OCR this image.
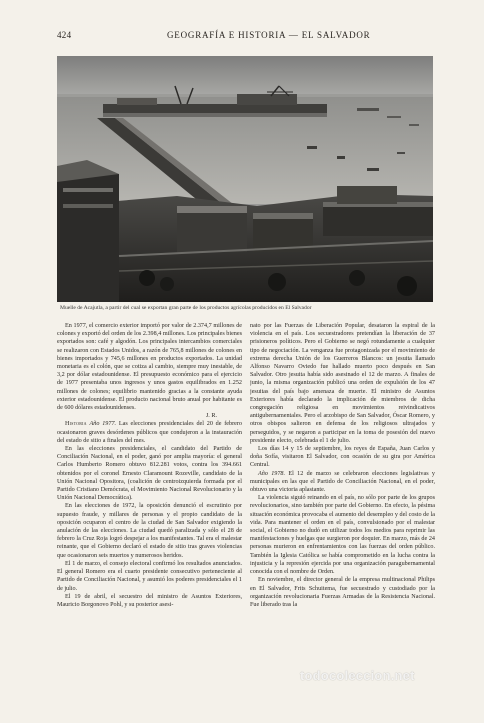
424	GEOGRAFÍA E HISTORIA — EL SALVADOR
Muelle de Acajutla, a partir del cual se exportan gran parte de los productos agrícolas producidos en El Salvador

En 1977, el comercio exterior importó por valor de 2.374,7 millones de colones y exportó del orden de los 2.398,4 millones. Los principales bienes exportados son: café y algodón. Los principales intercambios comerciales se realizaron con Estados Unidos, a razón de 765,8 millones de colones en bienes importados y 745,6 millones en productos exportados. La unidad monetaria es el colón, que se cotiza al cambio, siempre muy inestable, de 3,2 por dólar estadounidense. El presupuesto económico para el ejercicio de 1977 presentaba unos ingresos y unos gastos equilibrados en 1.252 millones de colones; equilibrio mantenido gracias a la constante ayuda exterior estadounidense. El producto nacional bruto anual por habitante es de 600 dólares estadounidenses.

J. R.

Historia Año 1977. Las elecciones presidenciales del 20 de febrero ocasionaron graves desórdenes públicos que condujeron a la instauración del estado de sitio a finales del mes.

En las elecciones presidenciales, el candidato del Partido de Conciliación Nacional, en el poder, ganó por amplia mayoría: el general Carlos Humberto Romero obtuvo 812.281 votos, contra los 394.661 obtenidos por el coronel Ernesto Claramount Rozeville, candidato de la Unión Nacional Opositora, (coalición de centroizquierda formada por el Partido Cristiano Demócrata, el Movimiento Nacional Revolucionario y la Unión Nacional Democrática).

En las elecciones de 1972, la oposición denunció el escrutinio por supuesto fraude, y millares de personas y el propio candidato de la oposición ocuparon el centro de la ciudad de San Salvador exigiendo la anulación de las elecciones. La ciudad quedó paralizada y sólo el 28 de febrero la Cruz Roja logró despejar a los manifestantes. Tal era el malestar reinante, que el Gobierno declaró el estado de sitio tras graves violencias que ocasionaron seis muertos y numerosos heridos.

El 1 de marzo, el consejo electoral confirmó los resultados anunciados. El general Romero era el cuarto presidente consecutivo perteneciente al Partido de Conciliación Nacional, y asumió los poderes presidenciales el 1 de julio.

El 19 de abril, el secuestro del ministro de Asuntos Exteriores, Mauricio Borgonovo Pohl, y su posterior asesi-

nato por las Fuerzas de Liberación Popular, desataron la espiral de la violencia en el país. Los secuestradores pretendían la liberación de 37 prisioneros políticos. Pero el Gobierno se negó rotundamente a cualquier tipo de negociación. La venganza fue protagonizada por el movimiento de extrema derecha Unión de los Guerreros Blancos: un jesuita llamado Alfonso Navarro Oviedo fue hallado muerto poco después en San Salvador. Otro jesuita había sido asesinado el 12 de marzo. A finales de junio, la misma organización publicó una orden de expulsión de los 47 jesuitas del país bajo amenaza de muerte. El ministro de Asuntos Exteriores había declarado la implicación de miembros de dicha congregación religiosa en movimientos reivindicativos antigubernamentales. Pero el arzobispo de San Salvador, Óscar Romero, y otros obispos salieron en defensa de los religiosos ultrajados y perseguidos, y se negaron a participar en la toma de posesión del nuevo presidente electo, celebrada el 1 de julio.

Los días 14 y 15 de septiembre, los reyes de España, Juan Carlos y doña Sofía, visitaron El Salvador, con ocasión de su gira por América Central.

Año 1978. El 12 de marzo se celebraron elecciones legislativas y municipales en las que el Partido de Conciliación Nacional, en el poder, obtuvo una victoria aplastante.

La violencia siguió reinando en el país, no sólo por parte de los grupos revolucionarios, sino también por parte del Gobierno. En efecto, la pésima situación económica provocaba el aumento del desempleo y del costo de la vida. Para mantener el orden en el país, convulsionado por el malestar social, el Gobierno no dudó en utilizar todos los medios para reprimir las manifestaciones y huelgas que surgieron por doquier. En marzo, más de 24 personas murieron en enfrentamientos con las fuerzas del orden público. También la Iglesia Católica se había comprometido en la lucha contra la injusticia y la represión ejercida por una organización paragubernamental conocida con el nombre de Orden.

En noviembre, el director general de la empresa multinacional Philips en El Salvador, Frits Schuitema, fue secuestrado y custodiado por la organización revolucionaria Fuerzas Armadas de la Resistencia Nacional. Fue liberado tras la

todocoleccion.net
